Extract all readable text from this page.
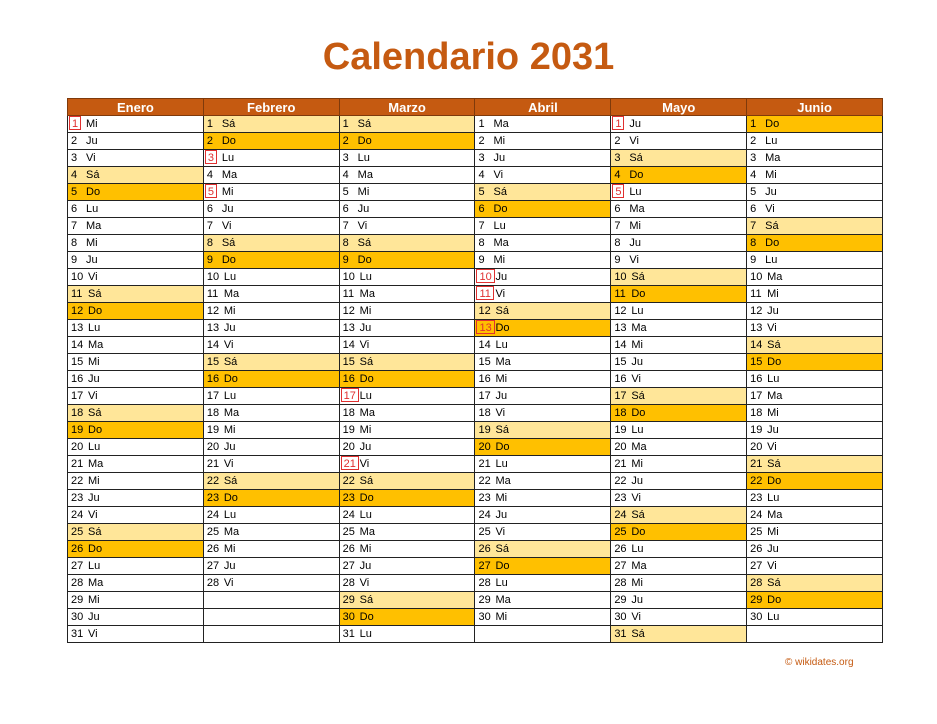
Calendario 2031
Enero	Febrero	Marzo	Abril	Mayo	Junio

1 Mi	1 Sá	1 Sá	1 Ma	1 Ju	1 Do

2 Ju	2 Do	2 Do	2 Mi	2 Vi	2 Lu

3 Vi	3 Lu	3 Lu	3 Ju	3 Sá	3 Ma

4 Sá	4 Ma	4 Ma	4 Vi	4 Do	4 Mi

5 Do	5 Mi	5 Mi	5 Sá	5 Lu	5 Ju

6 Lu	6 Ju	6 Ju	6 Do	6 Ma	6 Vi

7 Ma	7 Vi	7 Vi	7 Lu	7 Mi	7 Sá

8 Mi	8 Sá	8 Sá	8 Ma	8 Ju	8 Do

9 Ju	9 Do	9 Do	9 Mi	9 Vi	9 Lu

10 Vi	10 Lu	10 Lu	10 Ju	10 Sá	10 Ma

11 Sá	11 Ma	11 Ma	11 Vi	11 Do	11 Mi

12 Do	12 Mi	12 Mi	12 Sá	12 Lu	12 Ju

13 Lu	13 Ju	13 Ju	13 Do	13 Ma	13 Vi

14 Ma	14 Vi	14 Vi	14 Lu	14 Mi	14 Sá

15 Mi	15 Sá	15 Sá	15 Ma	15 Ju	15 Do

16 Ju	16 Do	16 Do	16 Mi	16 Vi	16 Lu

17 Vi	17 Lu	17 Lu	17 Ju	17 Sá	17 Ma

18 Sá	18 Ma	18 Ma	18 Vi	18 Do	18 Mi

19 Do	19 Mi	19 Mi	19 Sá	19 Lu	19 Ju

20 Lu	20 Ju	20 Ju	20 Do	20 Ma	20 Vi

21 Ma	21 Vi	21 Vi	21 Lu	21 Mi	21 Sá

22 Mi	22 Sá	22 Sá	22 Ma	22 Ju	22 Do

23 Ju	23 Do	23 Do	23 Mi	23 Vi	23 Lu

24 Vi	24 Lu	24 Lu	24 Ju	24 Sá	24 Ma

25 Sá	25 Ma	25 Ma	25 Vi	25 Do	25 Mi

26 Do	26 Mi	26 Mi	26 Sá	26 Lu	26 Ju

27 Lu	27 Ju	27 Ju	27 Do	27 Ma	27 Vi

28 Ma	28 Vi	28 Vi	28 Lu	28 Mi	28 Sá

29 Mi		29 Sá	29 Ma	29 Ju	29 Do

30 Ju		30 Do	30 Mi	30 Vi	30 Lu

31 Vi		31 Lu		31 Sá	

© wikidates.org
